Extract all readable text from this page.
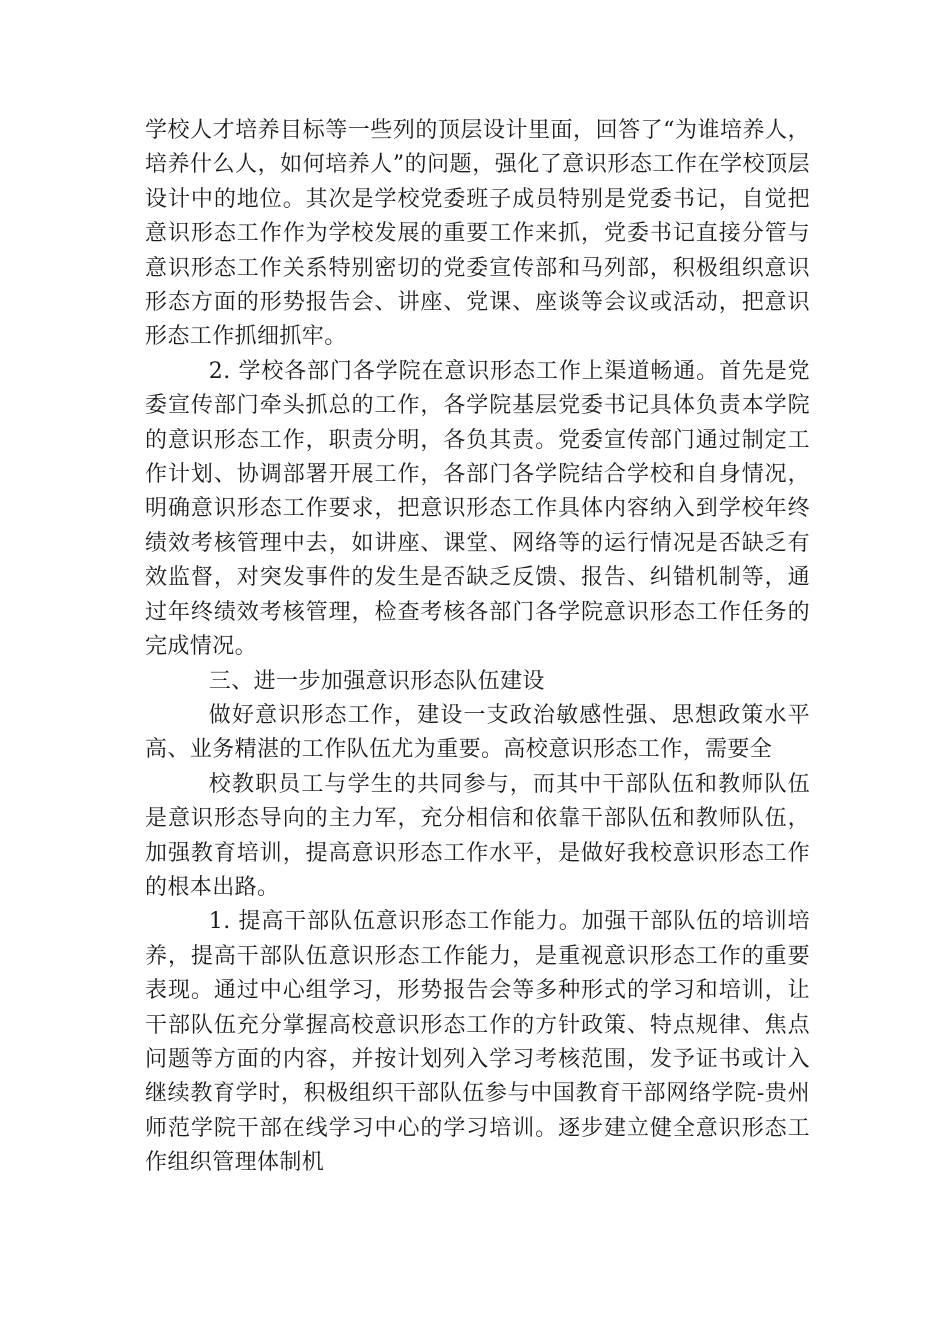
学校人才培养目标等一些列的顶层设计里面，回答了“为谁培养人，培养什么人，如何培养人”的问题，强化了意识形态工作在学校顶层设计中的地位。其次是学校党委班子成员特别是党委书记，自觉把意识形态工作作为学校发展的重要工作来抓，党委书记直接分管与意识形态工作关系特别密切的党委宣传部和马列部，积极组织意识形态方面的形势报告会、讲座、党课、座谈等会议或活动，把意识形态工作抓细抓牢。

2. 学校各部门各学院在意识形态工作上渠道畅通。首先是党委宣传部门牵头抓总的工作，各学院基层党委书记具体负责本学院的意识形态工作，职责分明，各负其责。党委宣传部门通过制定工作计划、协调部署开展工作，各部门各学院结合学校和自身情况，明确意识形态工作要求，把意识形态工作具体内容纳入到学校年终绩效考核管理中去，如讲座、课堂、网络等的运行情况是否缺乏有效监督，对突发事件的发生是否缺乏反馈、报告、纠错机制等，通过年终绩效考核管理，检查考核各部门各学院意识形态工作任务的完成情况。

三、进一步加强意识形态队伍建设

做好意识形态工作，建设一支政治敏感性强、思想政策水平高、业务精湛的工作队伍尤为重要。高校意识形态工作，需要全

校教职员工与学生的共同参与，而其中干部队伍和教师队伍是意识形态导向的主力军，充分相信和依靠干部队伍和教师队伍，加强教育培训，提高意识形态工作水平，是做好我校意识形态工作的根本出路。

1. 提高干部队伍意识形态工作能力。加强干部队伍的培训培养，提高干部队伍意识形态工作能力，是重视意识形态工作的重要表现。通过中心组学习，形势报告会等多种形式的学习和培训，让干部队伍充分掌握高校意识形态工作的方针政策、特点规律、焦点问题等方面的内容，并按计划列入学习考核范围，发予证书或计入继续教育学时，积极组织干部队伍参与中国教育干部网络学院-贵州师范学院干部在线学习中心的学习培训。逐步建立健全意识形态工作组织管理体制机
